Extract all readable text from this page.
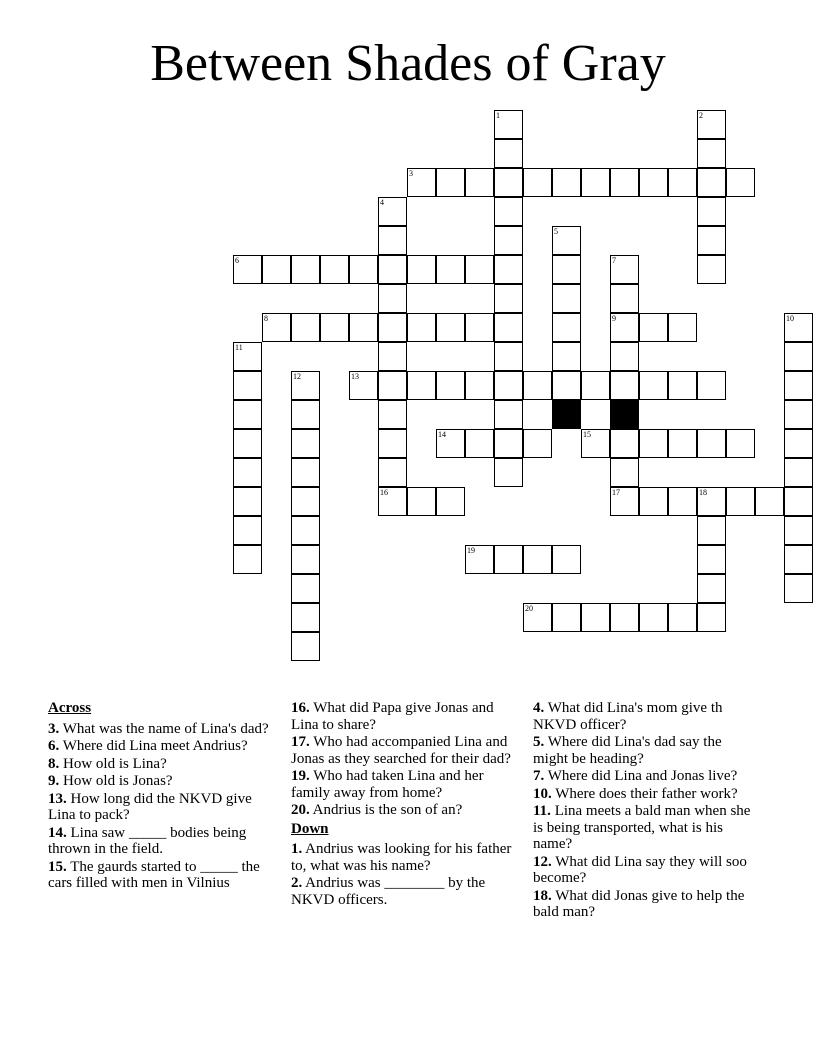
Between Shades of Gray
1	2
3
4
16
5
6	7
9
8	10
11
12	13
14	15
17	18
19
20
Across
3. What was the name of Lina's dad?
6. Where did Lina meet Andrius?
8. How old is Lina?
9. How old is Jonas?
13. How long did the NKVD give Lina to pack?
14. Lina saw _____ bodies being thrown in the field.
15. The gaurds started to _____ the cars filled with men in Vilnius
16. What did Papa give Jonas and Lina to share?
17. Who had accompanied Lina and Jonas as they searched for their dad?
19. Who had taken Lina and her family away from home?
20. Andrius is the son of an?
Down
1. Andrius was looking for his father to, what was his name?
2. Andrius was ________ by the NKVD officers.
4. What did Lina's mom give th NKVD officer?
5. Where did Lina's dad say the might be heading?
7. Where did Lina and Jonas live?
10. Where does their father work?
11. Lina meets a bald man when she is being transported, what is his name?
12. What did Lina say they will soo become?
18. What did Jonas give to help the bald man?
